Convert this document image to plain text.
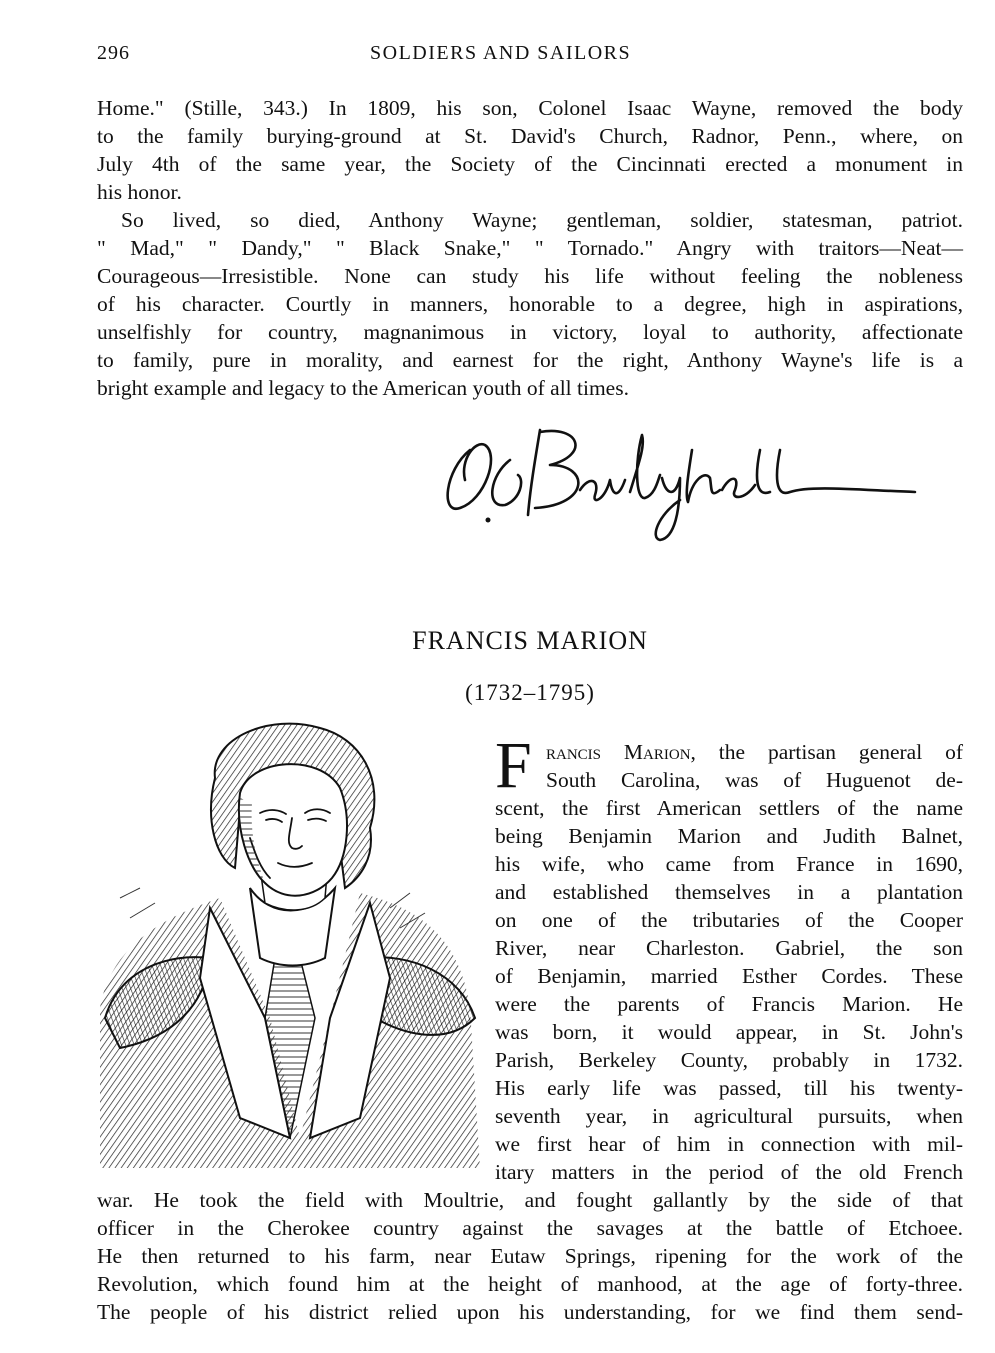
296	SOLDIERS AND SAILORS
Home." (Stille, 343.) In 1809, his son, Colonel Isaac Wayne, removed the body
to the family burying-ground at St. David's Church, Radnor, Penn., where, on
July 4th of the same year, the Society of the Cincinnati erected a monument in
his honor.
So lived, so died, Anthony Wayne; gentleman, soldier, statesman, patriot.
" Mad," " Dandy," " Black Snake," " Tornado." Angry with traitors—Neat—
Courageous—Irresistible. None can study his life without feeling the nobleness
of his character. Courtly in manners, honorable to a degree, high in aspirations,
unselfishly for country, magnanimous in victory, loyal to authority, affectionate
to family, pure in morality, and earnest for the right, Anthony Wayne's life is a
bright example and legacy to the American youth of all times.
FRANCIS MARION
(1732–1795)
F rancis Marion, the partisan general of
South Carolina, was of Huguenot de-
scent, the first American settlers of the name
being Benjamin Marion and Judith Balnet,
his wife, who came from France in 1690,
and established themselves in a plantation
on one of the tributaries of the Cooper
River, near Charleston. Gabriel, the son
of Benjamin, married Esther Cordes. These
were the parents of Francis Marion. He
was born, it would appear, in St. John's
Parish, Berkeley County, probably in 1732.
His early life was passed, till his twenty-
seventh year, in agricultural pursuits, when
we first hear of him in connection with mil-
itary matters in the period of the old French
war. He took the field with Moultrie, and fought gallantly by the side of that
officer in the Cherokee country against the savages at the battle of Etchoee.
He then returned to his farm, near Eutaw Springs, ripening for the work of the
Revolution, which found him at the height of manhood, at the age of forty-three.
The people of his district relied upon his understanding, for we find them send-
